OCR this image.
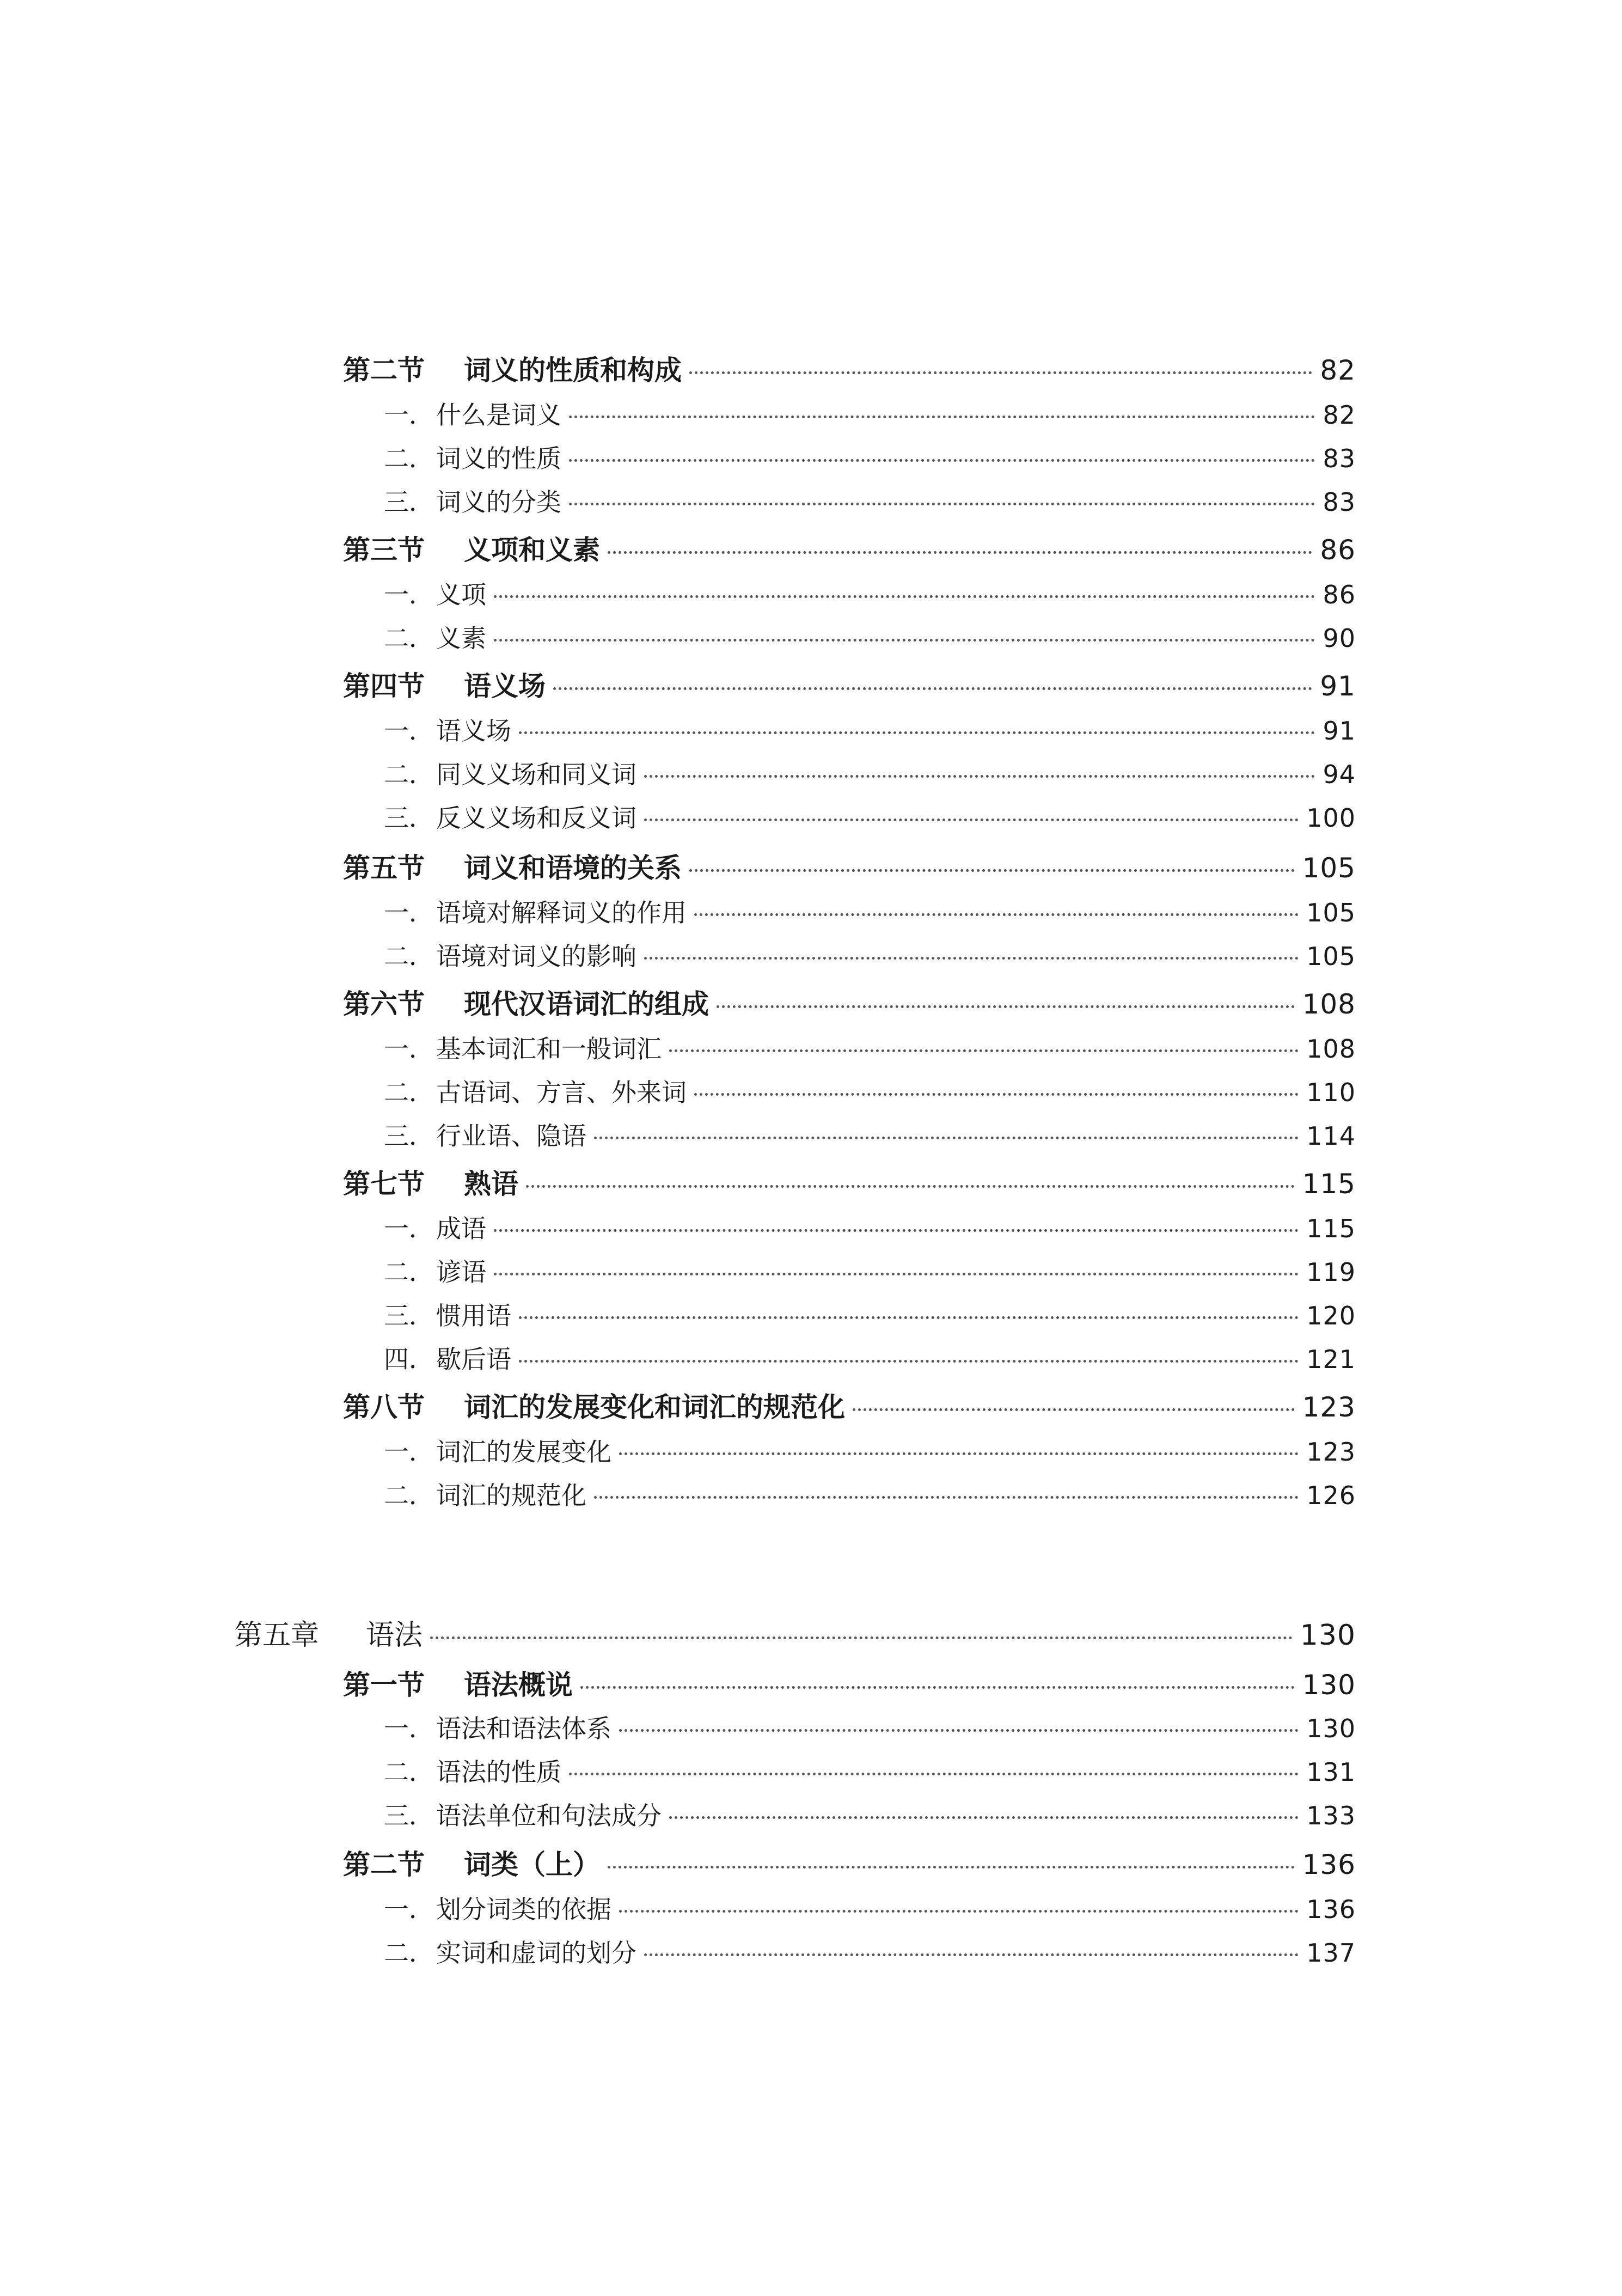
第二节	词义的性质和构成	82
一． 什么是词义	82
二． 词义的性质	83
三． 词义的分类	83
第三节	义项和义素	86
一． 义项	86
二． 义素	90
第四节	语义场	91
一． 语义场	91
二． 同义义场和同义词	94
三． 反义义场和反义词	100
第五节	词义和语境的关系	105
一． 语境对解释词义的作用	105
二． 语境对词义的影响	105
第六节	现代汉语词汇的组成	108
一． 基本词汇和一般词汇	108
二． 古语词、方言、外来词	110
三． 行业语、隐语	114
第七节	熟语	115
一． 成语	115
二． 谚语	119
三． 惯用语	120
四． 歇后语	121
第八节	词汇的发展变化和词汇的规范化	123
一． 词汇的发展变化	123
二． 词汇的规范化	126
第五章	语法	130
第一节	语法概说	130
一． 语法和语法体系	130
二． 语法的性质	131
三． 语法单位和句法成分	133
第二节	词类（上）	136
一． 划分词类的依据	136
二． 实词和虚词的划分	137
